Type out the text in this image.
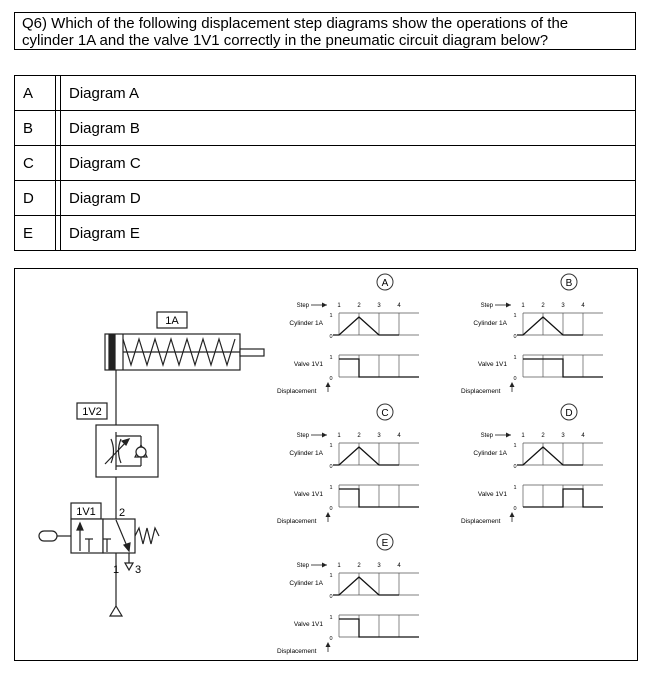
Q6) Which of the following displacement step diagrams show the operations of the
cylinder 1A and the valve 1V1 correctly in the pneumatic circuit diagram below?
A		Diagram A
B		Diagram B
C		Diagram C
D		Diagram D
E		Diagram E
1A
1V2
1V1 2
1 3
A
Step	1	2	3	4
Cylinder 1A
1
0
Valve 1V1
1
0
Displacement
B
Step	1	2	3	4
Cylinder 1A
1
0
Valve 1V1
1
0
Displacement
C
Step	1	2	3	4
Cylinder 1A
1
0
Valve 1V1
1
0
Displacement
D
Step	1	2	3	4
Cylinder 1A
1
0
Valve 1V1
1
0
Displacement
E
Step	1	2	3	4
Cylinder 1A
1
0
Valve 1V1
1
0
Displacement
